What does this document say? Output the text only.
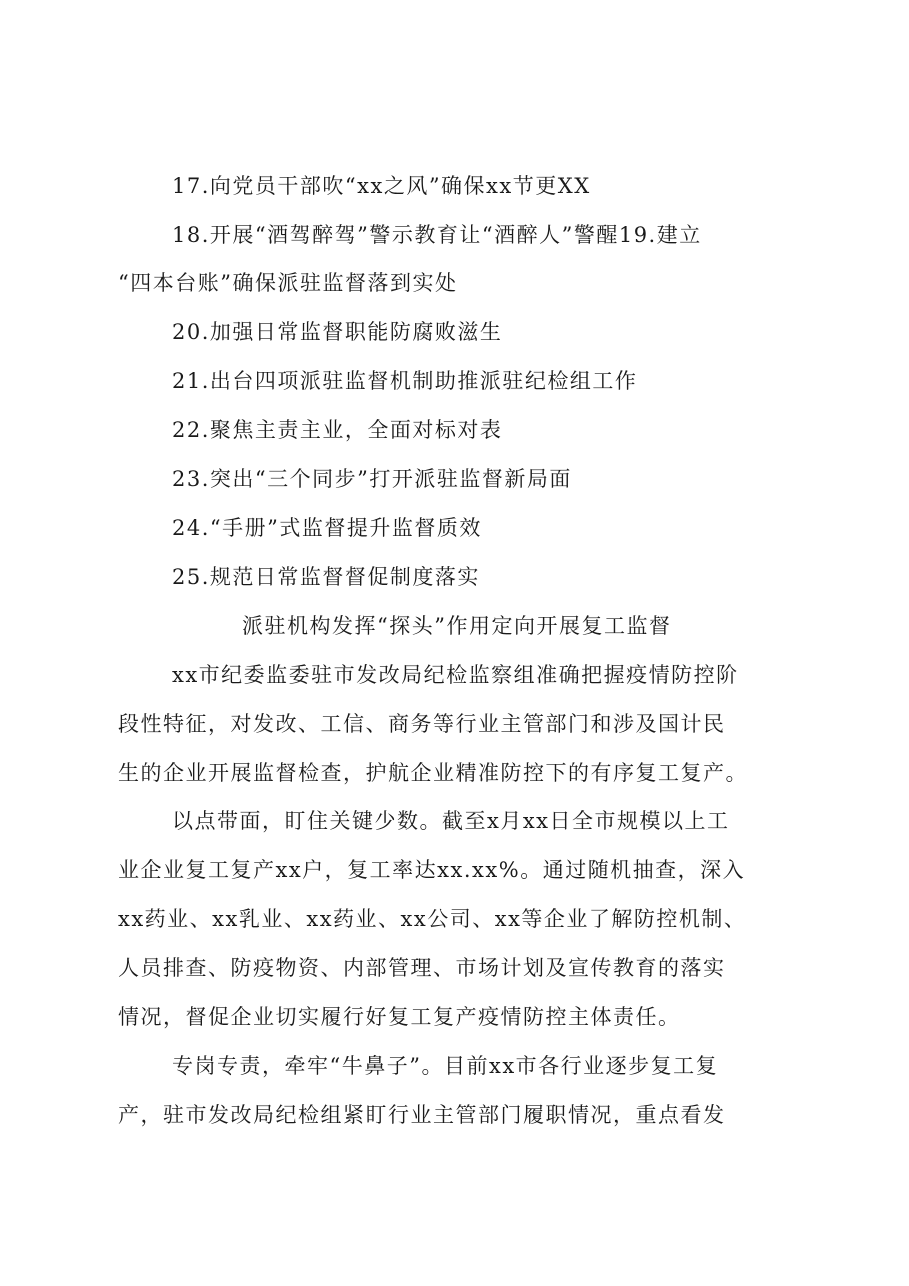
17.向党员干部吹“xx之风”确保xx节更XX
18.开展“酒驾醉驾”警示教育让“酒醉人”警醒19.建立
“四本台账”确保派驻监督落到实处
20.加强日常监督职能防腐败滋生
21.出台四项派驻监督机制助推派驻纪检组工作
22.聚焦主责主业，全面对标对表
23.突出“三个同步”打开派驻监督新局面
24.“手册”式监督提升监督质效
25.规范日常监督督促制度落实
派驻机构发挥“探头”作用定向开展复工监督
xx市纪委监委驻市发改局纪检监察组准确把握疫情防控阶
段性特征，对发改、工信、商务等行业主管部门和涉及国计民
生的企业开展监督检查，护航企业精准防控下的有序复工复产。
以点带面，盯住关键少数。截至x月xx日全市规模以上工
业企业复工复产xx户，复工率达xx.xx%。通过随机抽查，深入
xx药业、xx乳业、xx药业、xx公司、xx等企业了解防控机制、
人员排查、防疫物资、内部管理、市场计划及宣传教育的落实
情况，督促企业切实履行好复工复产疫情防控主体责任。
专岗专责，牵牢“牛鼻子”。目前xx市各行业逐步复工复
产，驻市发改局纪检组紧盯行业主管部门履职情况，重点看发
